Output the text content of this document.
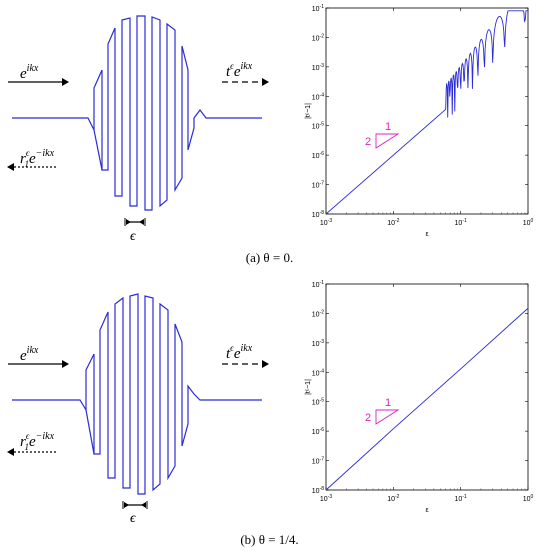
$e^{ikx}$	$t^\epsilon e^{ikx}$
$r^\epsilon$ $1e^{-ikx}$
ϵ
$10^{-8}$
$10^{-7}$
$10^{-6}$
$10^{-5}$
$10^{-4}$
$10^{-3}$
$10^{-2}$
$10^{-1}$
$10^{-3}$	$10^{-2}$	$10^{-1}$	$10^0$
ε
|tᵋ−1|
1
2
(a) θ = 0.
$e^{ikx}$	$t^\epsilon e^{ikx}$
$r^\epsilon$ $1e^{-ikx}$
ϵ
$10^{-8}$
$10^{-7}$
$10^{-6}$
$10^{-5}$
$10^{-4}$
$10^{-3}$
$10^{-2}$
$10^{-1}$
$10^{-3}$	$10^{-2}$	$10^{-1}$	$10^0$
ε
|tᵋ−1|
1
2
(b) θ = 1/4.
